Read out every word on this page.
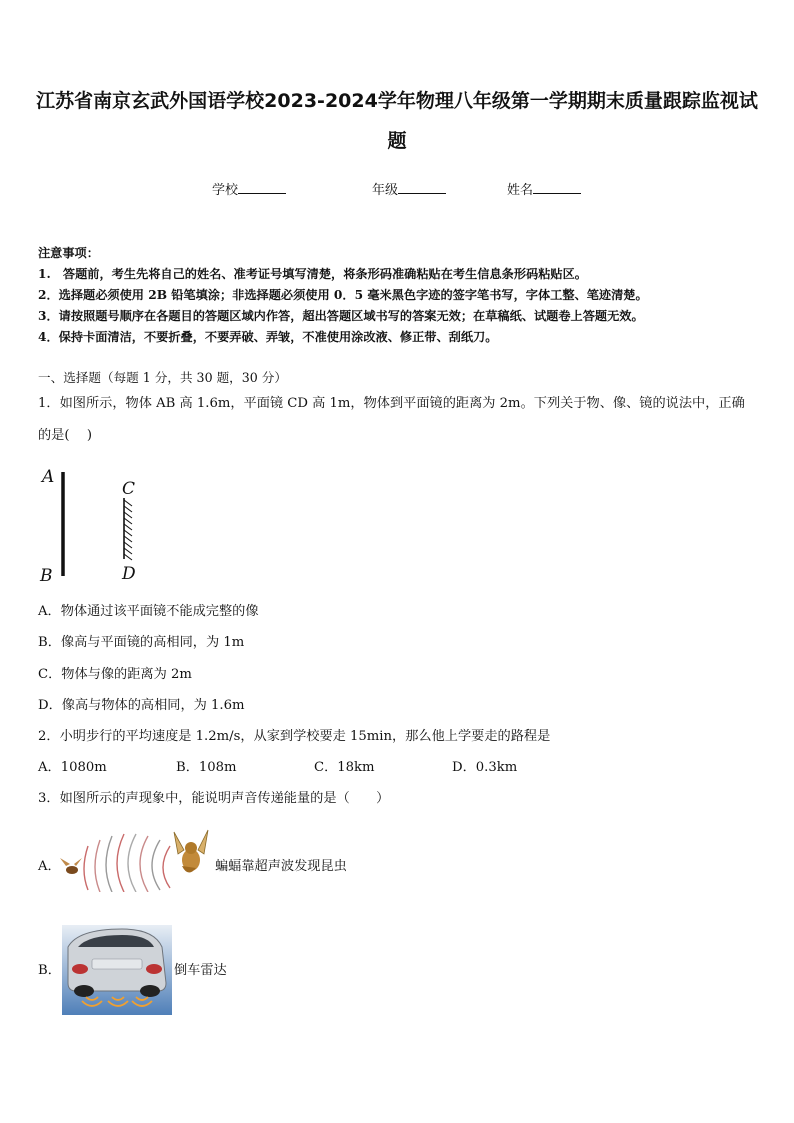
江苏省南京玄武外国语学校2023-2024学年物理八年级第一学期期末质量跟踪监视试
题
学校	年级	姓名
注意事项：
1.　答题前，考生先将自己的姓名、准考证号填写清楚，将条形码准确粘贴在考生信息条形码粘贴区。
2．选择题必须使用 2B 铅笔填涂；非选择题必须使用 0．5 毫米黑色字迹的签字笔书写，字体工整、笔迹清楚。
3．请按照题号顺序在各题目的答题区域内作答，超出答题区域书写的答案无效；在草稿纸、试题卷上答题无效。
4．保持卡面清洁，不要折叠，不要弄破、弄皱，不准使用涂改液、修正带、刮纸刀。
一、选择题（每题 1 分，共 30 题，30 分）
1．如图所示，物体 AB 高 1.6m，平面镜 CD 高 1m，物体到平面镜的距离为 2m。下列关于物、像、镜的说法中，正确
的是(　 )
A
B
C
D
A．物体通过该平面镜不能成完整的像
B．像高与平面镜的高相同，为 1m
C．物体与像的距离为 2m
D．像高与物体的高相同，为 1.6m
2．小明步行的平均速度是 1.2m/s，从家到学校要走 15min，那么他上学要走的路程是
A．1080m	B．108m	C．18km	D．0.3km
3．如图所示的声现象中，能说明声音传递能量的是（　　）
A．	蝙蝠靠超声波发现昆虫
B．	倒车雷达
